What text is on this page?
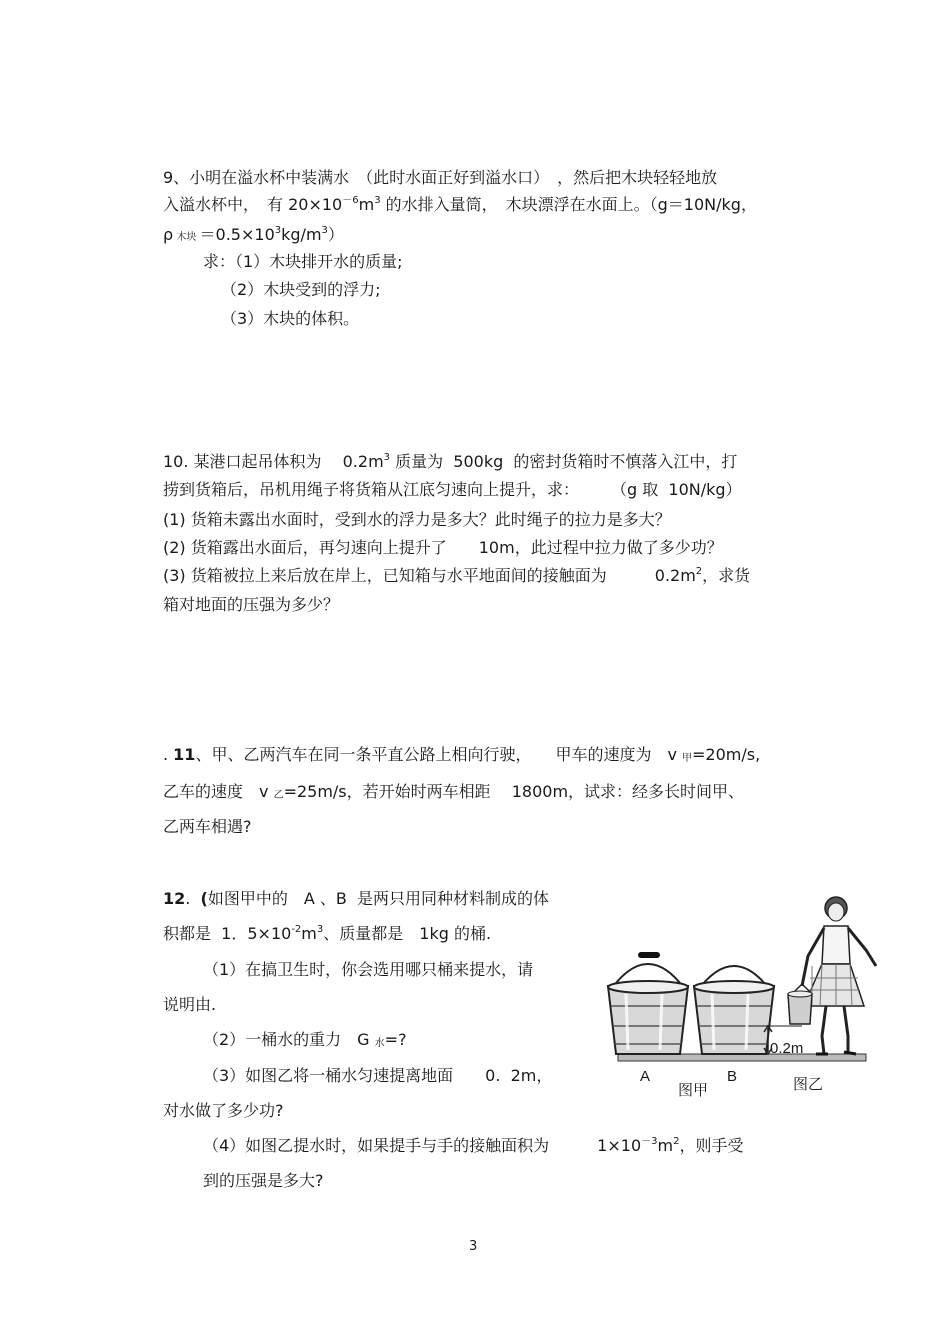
9、小明在溢水杯中装满水　（此时水面正好到溢水口）　，然后把木块轻轻地放
入溢水杯中，　有 $20\times 10^{-6}m^3$ 的水排入量筒，　木块漂浮在水面上。（g＝10N/kg，
ρ 木块 $=0.5\times 10^3kg/m^3$）
求：（1）木块排开水的质量;
（2）木块受到的浮力;
（3）木块的体积。
10. 某港口起吊体积为　 $0.2m^3$ 质量为  500kg  的密封货箱时不慎落入江中，打
捞到货箱后，吊机用绳子将货箱从江底匀速向上提升，求：　　　（g 取  10N/kg）
(1) 货箱未露出水面时，受到水的浮力是多大？此时绳子的拉力是多大？
(2) 货箱露出水面后，再匀速向上提升了　　10m，此过程中拉力做了多少功？
(3) 货箱被拉上来后放在岸上，已知箱与水平地面间的接触面为　　　$0.2m^2$，求货
箱对地面的压强为多少？
. 11、甲、乙两汽车在同一条平直公路上相向行驶，　　甲车的速度为　v $_甲$=20m/s,
乙车的速度　v $_乙$=25m/s，若开始时两车相距　 1800m，试求：经多长时间甲、
乙两车相遇?
12.  (如图甲中的　A 、B  是两只用同种材料制成的体
积都是  1．$5\times 10^{-2}m^3$、质量都是　1kg 的桶.
（1）在搞卫生时，你会选用哪只桶来提水，请
说明由.
（2）一桶水的重力　G $_水$=?
（3）如图乙将一桶水匀速提离地面　　0.  2m，
对水做了多少功?
（4）如图乙提水时，如果提手与手的接触面积为　　　$1\times 10^{-3}m^2$，则手受
到的压强是多大?
0.2m
A	B
图甲	图乙
3
